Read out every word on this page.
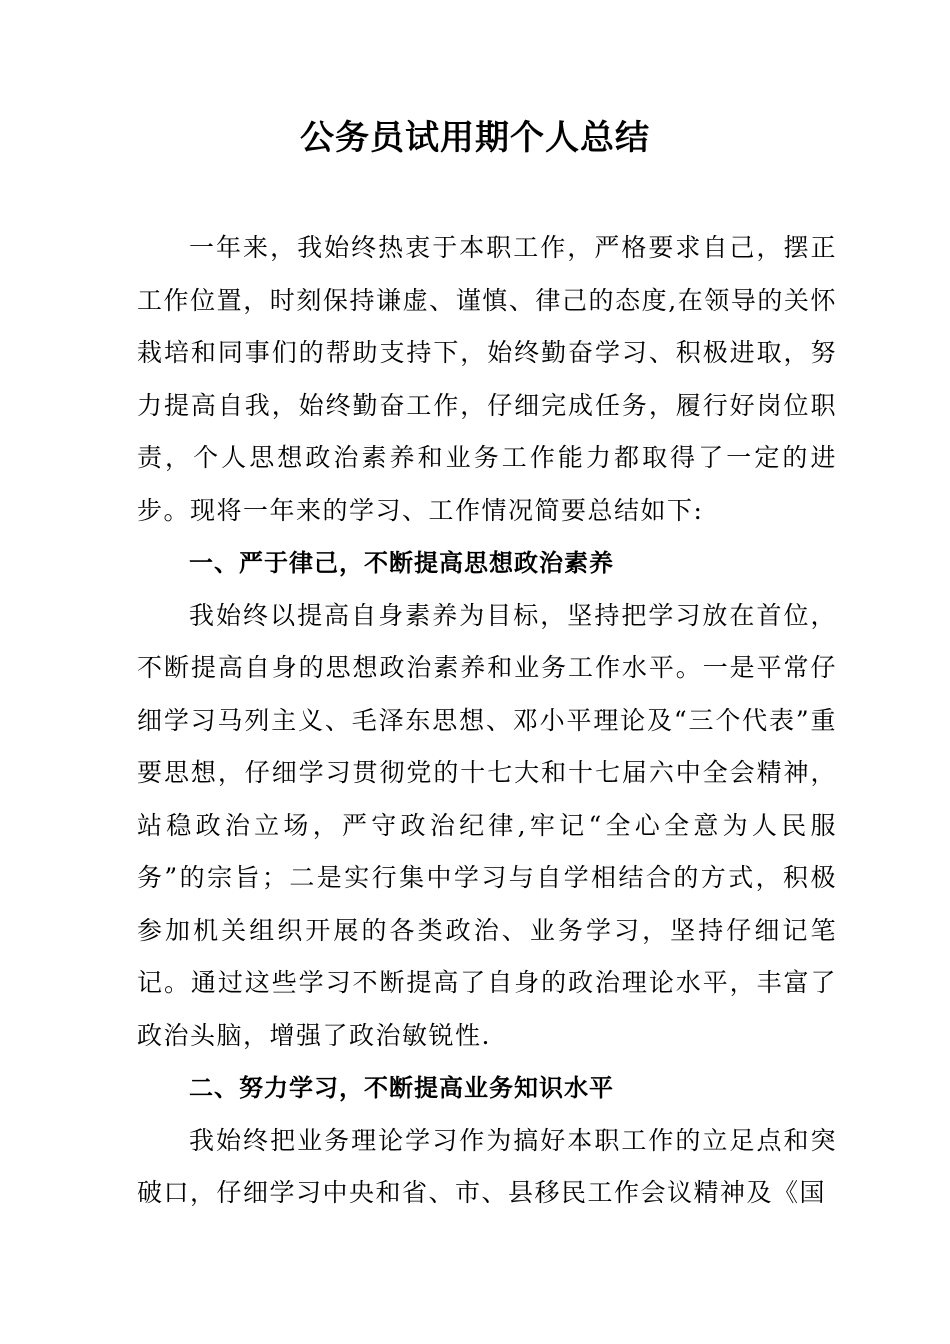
公务员试用期个人总结

一年来，我始终热衷于本职工作，严格要求自己，摆正工作位置，时刻保持谦虚、谨慎、律己的态度,在领导的关怀栽培和同事们的帮助支持下，始终勤奋学习、积极进取，努力提高自我，始终勤奋工作，仔细完成任务，履行好岗位职责，个人思想政治素养和业务工作能力都取得了一定的进步。现将一年来的学习、工作情况简要总结如下:

一、严于律己，不断提高思想政治素养

我始终以提高自身素养为目标，坚持把学习放在首位，不断提高自身的思想政治素养和业务工作水平。一是平常仔细学习马列主义、毛泽东思想、邓小平理论及“三个代表”重要思想，仔细学习贯彻党的十七大和十七届六中全会精神，站稳政治立场，严守政治纪律,牢记“全心全意为人民服务”的宗旨；二是实行集中学习与自学相结合的方式，积极参加机关组织开展的各类政治、业务学习，坚持仔细记笔记。通过这些学习不断提高了自身的政治理论水平，丰富了政治头脑，增强了政治敏锐性.

二、努力学习，不断提高业务知识水平

我始终把业务理论学习作为搞好本职工作的立足点和突破口，仔细学习中央和省、市、县移民工作会议精神及《国
